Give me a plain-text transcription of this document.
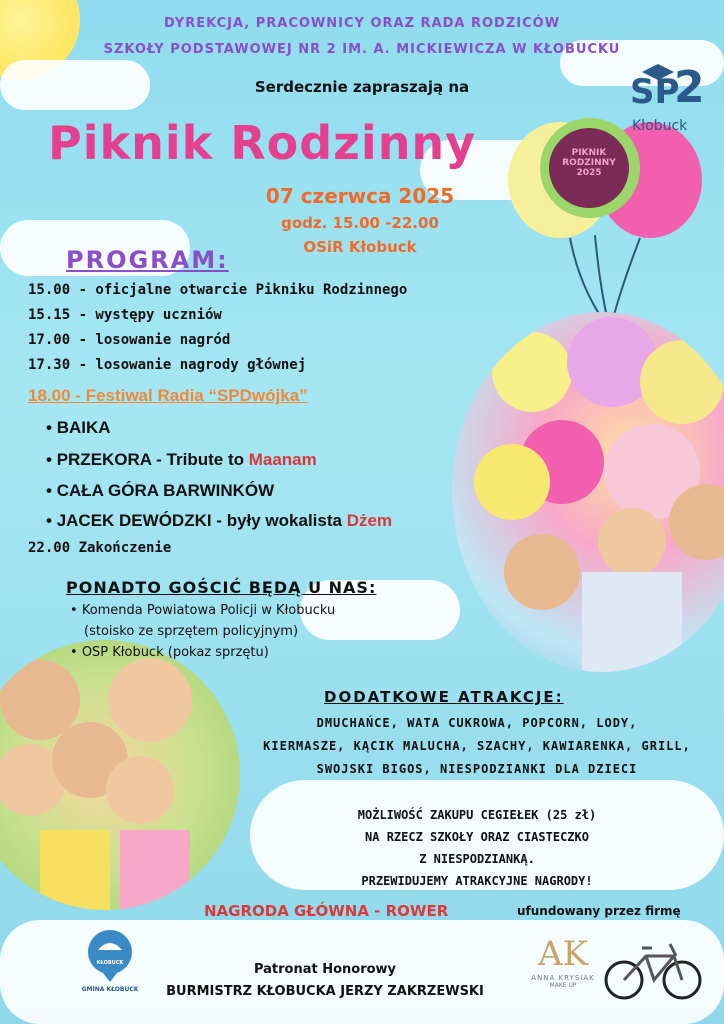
PIKNIK
RODZINNY
2025
SP
2
Kłobuck
DYREKCJA, PRACOWNICY ORAZ RADA RODZICÓW
SZKOŁY PODSTAWOWEJ NR 2 IM. A. MICKIEWICZA W KŁOBUCKU
Serdecznie zapraszają na
Piknik Rodzinny
07 czerwca 2025
godz. 15.00 -22.00
OSiR Kłobuck
PROGRAM:
15.00 - oficjalne otwarcie Pikniku Rodzinnego
15.15 - występy uczniów
17.00 - losowanie nagród
17.30 - losowanie nagrody głównej
18.00 - Festiwal Radia “SPDwójka”
• BAIKA
• PRZEKORA - Tribute to Maanam
• CAŁA GÓRA BARWINKÓW
• JACEK DEWÓDZKI - były wokalista Dżem
22.00 Zakończenie
PONADTO GOŚCIĆ BĘDĄ U NAS:
• Komenda Powiatowa Policji w Kłobucku
(stoisko ze sprzętem policyjnym)
• OSP Kłobuck (pokaz sprzętu)
DODATKOWE ATRAKCJE:
DMUCHAŃCE, WATA CUKROWA, POPCORN, LODY,
KIERMASZE, KĄCIK MALUCHA, SZACHY, KAWIARENKA, GRILL,
SWOJSKI BIGOS, NIESPODZIANKI DLA DZIECI
MOŻLIWOŚĆ ZAKUPU CEGIEŁEK (25 zł)
NA RZECZ SZKOŁY ORAZ CIASTECZKO
Z NIESPODZIANKĄ.
PRZEWIDUJEMY ATRAKCYJNE NAGRODY!
NAGRODA GŁÓWNA - ROWER	ufundowany przez firmę
KŁOBUCK
GMINA KŁOBUCK
Patronat Honorowy
BURMISTRZ KŁOBUCKA JERZY ZAKRZEWSKI
AK
ANNA KRYSIAK
MAKE UP
